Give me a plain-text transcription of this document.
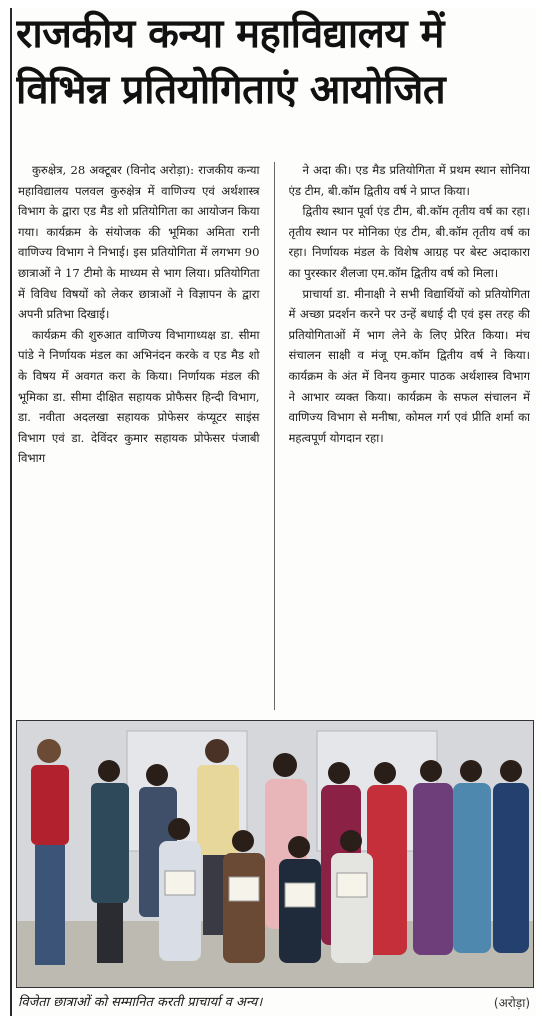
राजकीय कन्या महाविद्यालय में
विभिन्न प्रतियोगिताएं आयोजित

कुरुक्षेत्र, 28 अक्टूबर (विनोद अरोड़ा): राजकीय कन्या महाविद्यालय पलवल कुरुक्षेत्र में वाणिज्य एवं अर्थशास्त्र विभाग के द्वारा एड मैड शो प्रतियोगिता का आयोजन किया गया। कार्यक्रम के संयोजक की भूमिका अमिता रानी वाणिज्य विभाग ने निभाई। इस प्रतियोगिता में लगभग 90 छात्राओं ने 17 टीमो के माध्यम से भाग लिया। प्रतियोगिता में विविध विषयों को लेकर छात्राओं ने विज्ञापन के द्वारा अपनी प्रतिभा दिखाई।

कार्यक्रम की शुरुआत वाणिज्य विभागाध्यक्ष डा. सीमा पांडे ने निर्णायक मंडल का अभिनंदन करके व एड मैड शो के विषय में अवगत करा के किया। निर्णायक मंडल की भूमिका डा. सीमा दीक्षित सहायक प्रोफैसर हिन्दी विभाग, डा. नवीता अदलखा सहायक प्रोफेसर कंप्यूटर साइंस विभाग एवं डा. देविंदर कुमार सहायक प्रोफेसर पंजाबी विभाग

ने अदा की। एड मैड प्रतियोगिता में प्रथम स्थान सोनिया एंड टीम, बी.कॉम द्वितीय वर्ष ने प्राप्त किया।

द्वितीय स्थान पूर्वा एंड टीम, बी.कॉम तृतीय वर्ष का रहा। तृतीय स्थान पर मोनिका एंड टीम, बी.कॉम तृतीय वर्ष का रहा। निर्णायक मंडल के विशेष आग्रह पर बेस्ट अदाकारा का पुरस्कार शैलजा एम.कॉम द्वितीय वर्ष को मिला।

प्राचार्या डा. मीनाक्षी ने सभी विद्यार्थियों को प्रतियोगिता में अच्छा प्रदर्शन करने पर उन्हें बधाई दी एवं इस तरह की प्रतियोगिताओं में भाग लेने के लिए प्रेरित किया। मंच संचालन साक्षी व मंजू एम.कॉम द्वितीय वर्ष ने किया। कार्यक्रम के अंत में विनय कुमार पाठक अर्थशास्त्र विभाग ने आभार व्यक्त किया। कार्यक्रम के सफल संचालन में वाणिज्य विभाग से मनीषा, कोमल गर्ग एवं प्रीति शर्मा का महत्वपूर्ण योगदान रहा।

विजेता छात्राओं को सम्मानित करती प्राचार्या व अन्य।	(अरोड़ा)
